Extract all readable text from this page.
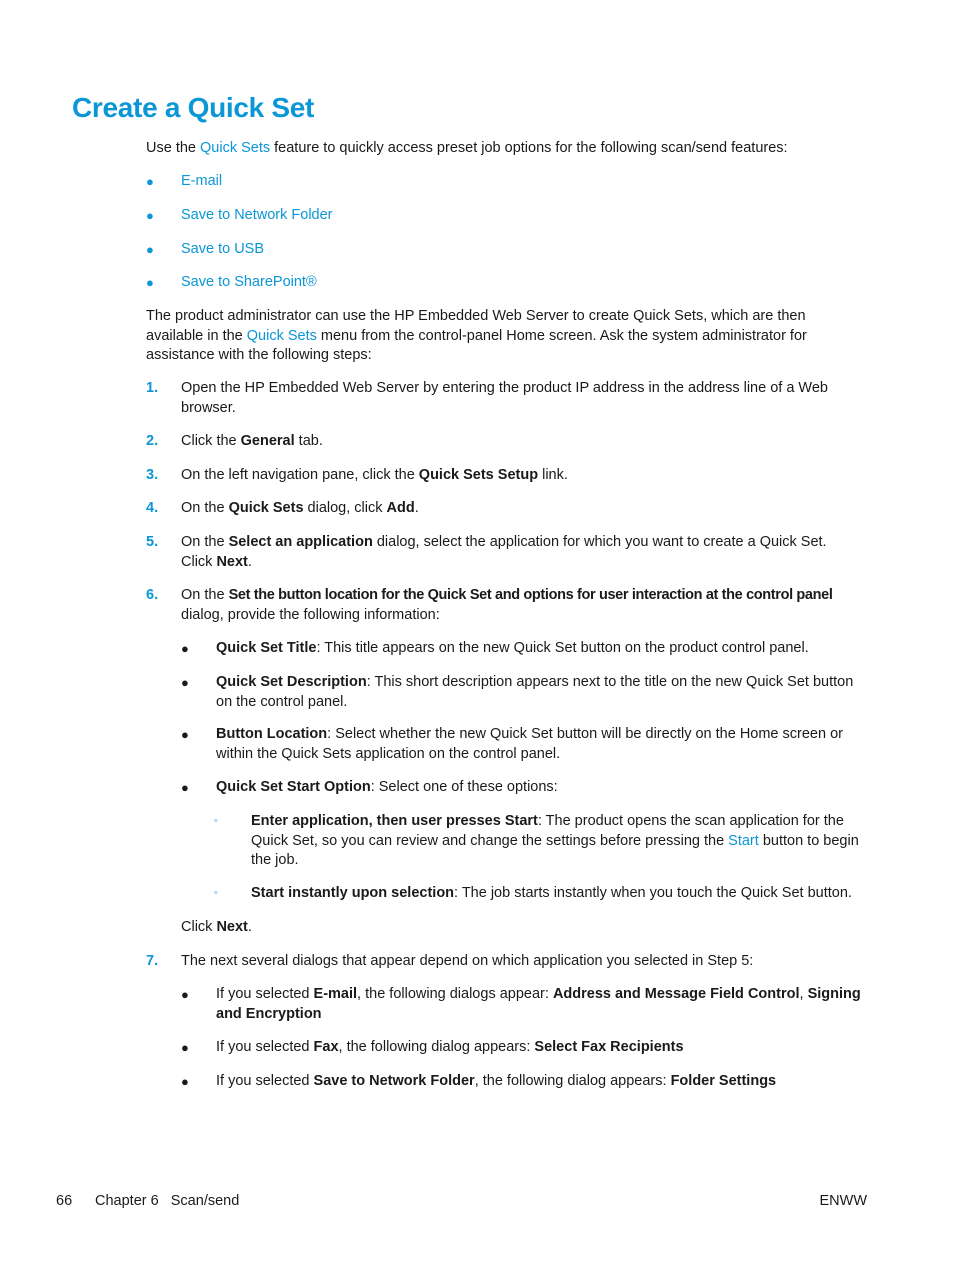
Create a Quick Set
Use the Quick Sets feature to quickly access preset job options for the following scan/send features:
●	E-mail
●	Save to Network Folder
●	Save to USB
●	Save to SharePoint®
The product administrator can use the HP Embedded Web Server to create Quick Sets, which are then
available in the Quick Sets menu from the control-panel Home screen. Ask the system administrator for
assistance with the following steps:
1. Open the HP Embedded Web Server by entering the product IP address in the address line of a Web browser.
2. Click the General tab.
3. On the left navigation pane, click the Quick Sets Setup link.
4. On the Quick Sets dialog, click Add.
5. On the Select an application dialog, select the application for which you want to create a Quick Set. Click Next.
6. On the Set the button location for the Quick Set and options for user interaction at the control panel dialog, provide the following information:
● Quick Set Title: This title appears on the new Quick Set button on the product control panel.
● Quick Set Description: This short description appears next to the title on the new Quick Set button on the control panel.
● Button Location: Select whether the new Quick Set button will be directly on the Home screen or within the Quick Sets application on the control panel.
● Quick Set Start Option: Select one of these options:
◦ Enter application, then user presses Start: The product opens the scan application for the Quick Set, so you can review and change the settings before pressing the Start button to begin the job.
◦ Start instantly upon selection: The job starts instantly when you touch the Quick Set button.
Click Next.
7. The next several dialogs that appear depend on which application you selected in Step 5:
● If you selected E-mail, the following dialogs appear: Address and Message Field Control, Signing and Encryption
● If you selected Fax, the following dialog appears: Select Fax Recipients
● If you selected Save to Network Folder, the following dialog appears: Folder Settings
66 Chapter 6   Scan/send	ENWW
